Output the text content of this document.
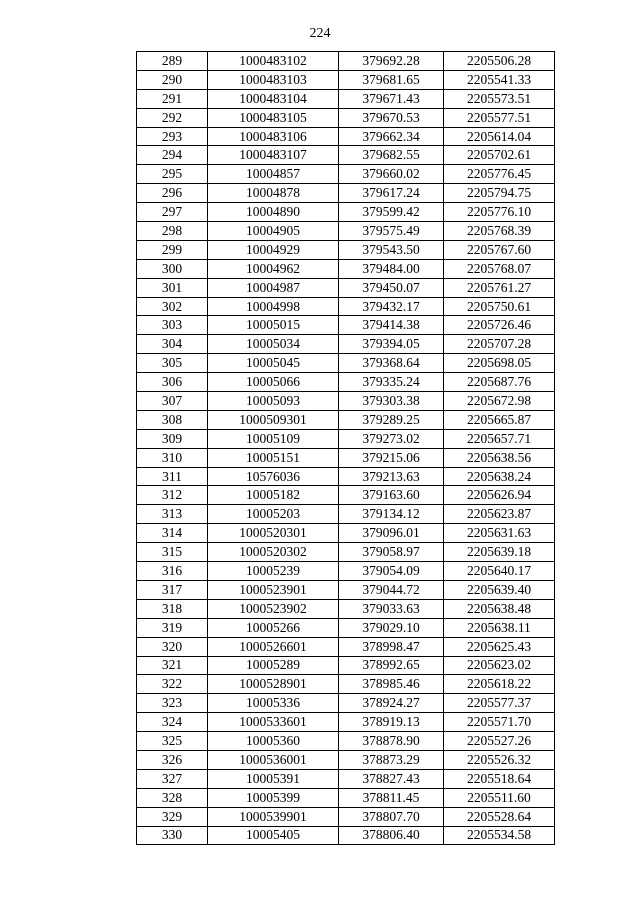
224
289	1000483102	379692.28	2205506.28
290	1000483103	379681.65	2205541.33
291	1000483104	379671.43	2205573.51
292	1000483105	379670.53	2205577.51
293	1000483106	379662.34	2205614.04
294	1000483107	379682.55	2205702.61
295	10004857	379660.02	2205776.45
296	10004878	379617.24	2205794.75
297	10004890	379599.42	2205776.10
298	10004905	379575.49	2205768.39
299	10004929	379543.50	2205767.60
300	10004962	379484.00	2205768.07
301	10004987	379450.07	2205761.27
302	10004998	379432.17	2205750.61
303	10005015	379414.38	2205726.46
304	10005034	379394.05	2205707.28
305	10005045	379368.64	2205698.05
306	10005066	379335.24	2205687.76
307	10005093	379303.38	2205672.98
308	1000509301	379289.25	2205665.87
309	10005109	379273.02	2205657.71
310	10005151	379215.06	2205638.56
311	10576036	379213.63	2205638.24
312	10005182	379163.60	2205626.94
313	10005203	379134.12	2205623.87
314	1000520301	379096.01	2205631.63
315	1000520302	379058.97	2205639.18
316	10005239	379054.09	2205640.17
317	1000523901	379044.72	2205639.40
318	1000523902	379033.63	2205638.48
319	10005266	379029.10	2205638.11
320	1000526601	378998.47	2205625.43
321	10005289	378992.65	2205623.02
322	1000528901	378985.46	2205618.22
323	10005336	378924.27	2205577.37
324	1000533601	378919.13	2205571.70
325	10005360	378878.90	2205527.26
326	1000536001	378873.29	2205526.32
327	10005391	378827.43	2205518.64
328	10005399	378811.45	2205511.60
329	1000539901	378807.70	2205528.64
330	10005405	378806.40	2205534.58
